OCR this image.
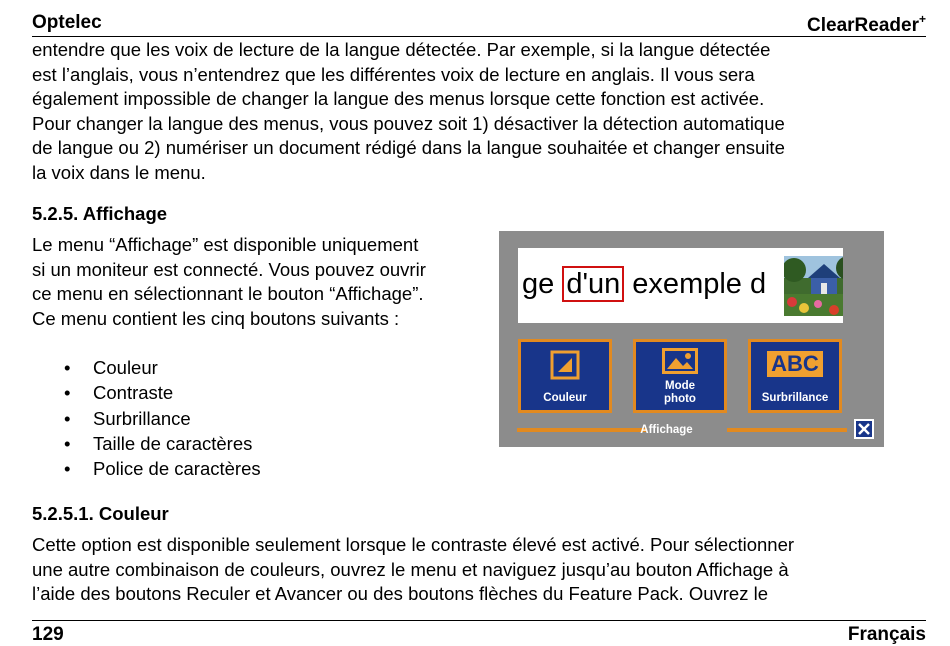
Optelec	ClearReader+

entendre que les voix de lecture de la langue détectée. Par exemple, si la langue détectée
est l’anglais, vous n’entendrez que les différentes voix de lecture en anglais. Il vous sera
également impossible de changer la langue des menus lorsque cette fonction est activée.
Pour changer la langue des menus, vous pouvez soit 1) désactiver la détection automatique
de langue ou 2) numériser un document rédigé dans la langue souhaitée et changer ensuite
la voix dans le menu.

5.2.5. Affichage

Le menu “Affichage” est disponible uniquement
si un moniteur est connecté. Vous pouvez ouvrir
ce menu en sélectionnant le bouton “Affichage”.
Ce menu contient les cinq boutons suivants :

• Couleur
• Contraste
• Surbrillance
• Taille de caractères
• Police de caractères
ge d'un exemple d
Couleur
Mode
photo
ABC
Surbrillance
Affichage
5.2.5.1. Couleur

Cette option est disponible seulement lorsque le contraste élevé est activé. Pour sélectionner
une autre combinaison de couleurs, ouvrez le menu et naviguez jusqu’au bouton Affichage à
l’aide des boutons Reculer et Avancer ou des boutons flèches du Feature Pack. Ouvrez le

129	Français
